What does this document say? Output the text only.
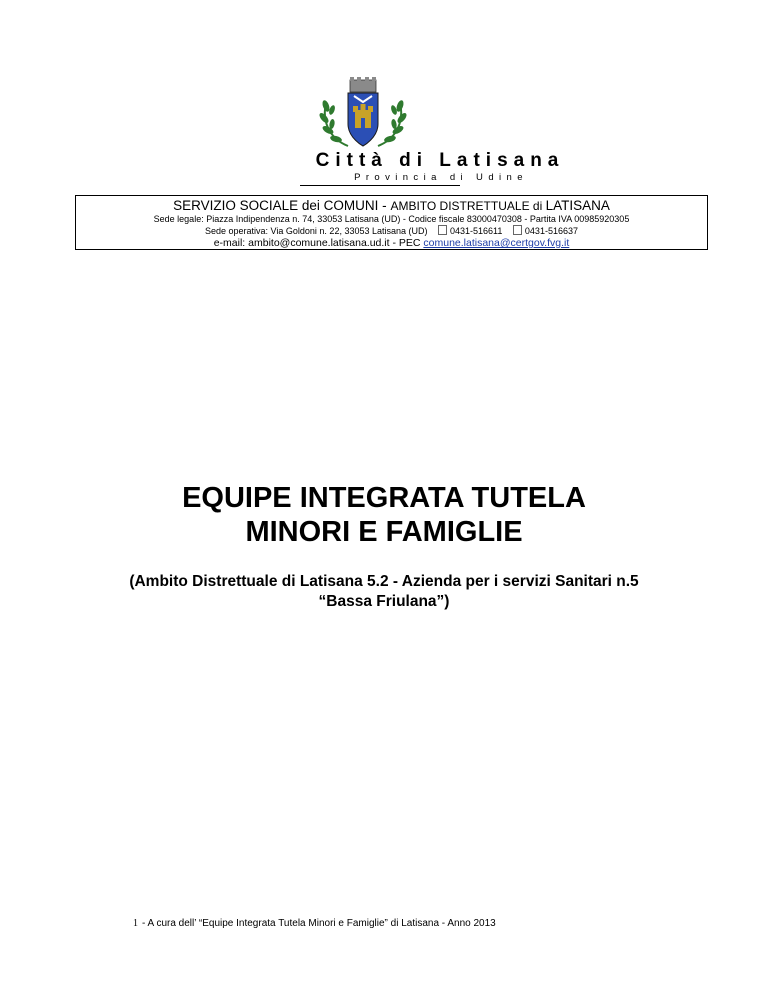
Città di Latisana
Provincia di Udine
SERVIZIO SOCIALE dei COMUNI - AMBITO DISTRETTUALE di LATISANA
Sede legale: Piazza Indipendenza n. 74, 33053 Latisana (UD) - Codice fiscale 83000470308 - Partita IVA 00985920305
Sede operativa: Via Goldoni n. 22, 33053 Latisana (UD)	0431-516611	0431-516637
e-mail: ambito@comune.latisana.ud.it - PEC comune.latisana@certgov.fvg.it
EQUIPE INTEGRATA TUTELA
MINORI E FAMIGLIE
(Ambito Distrettuale di Latisana 5.2 - Azienda per i servizi Sanitari n.5
“Bassa Friulana”)
1 - A cura dell’ “Equipe Integrata Tutela Minori e Famiglie” di Latisana - Anno 2013
